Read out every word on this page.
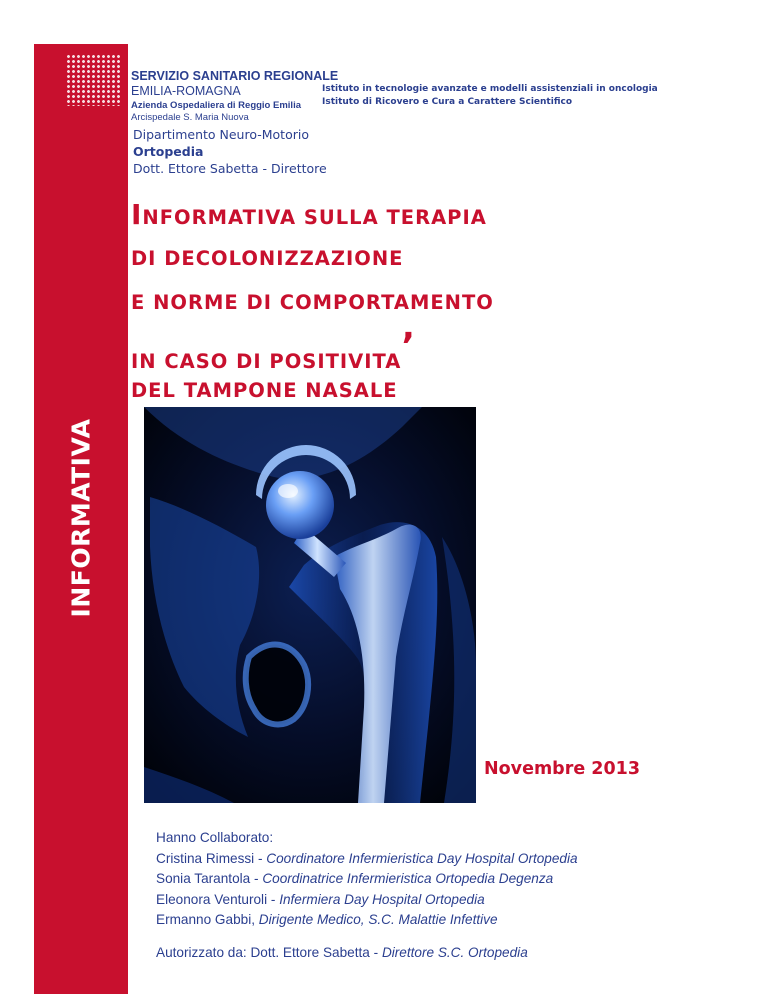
INFORMATIVA
SERVIZIO SANITARIO REGIONALE
EMILIA-ROMAGNA
Azienda Ospedaliera di Reggio Emilia
Istituto in tecnologie avanzate e modelli assistenziali in oncologia
Istituto di Ricovero e Cura a Carattere Scientifico
Arcispedale S. Maria Nuova
Dipartimento Neuro-Motorio
Ortopedia
Dott. Ettore Sabetta - Direttore
INFORMATIVA SULLA TERAPIA
DI DECOLONIZZAZIONE
E NORME DI COMPORTAMENTO
IN CASO DI POSITIVITA’
DEL TAMPONE NASALE
Novembre 2013
Hanno Collaborato:
Cristina Rimessi - Coordinatore Infermieristica Day Hospital Ortopedia
Sonia Tarantola - Coordinatrice Infermieristica Ortopedia Degenza
Eleonora Venturoli - Infermiera Day Hospital Ortopedia
Ermanno Gabbi, Dirigente Medico, S.C. Malattie Infettive
Autorizzato da: Dott. Ettore Sabetta - Direttore S.C. Ortopedia
